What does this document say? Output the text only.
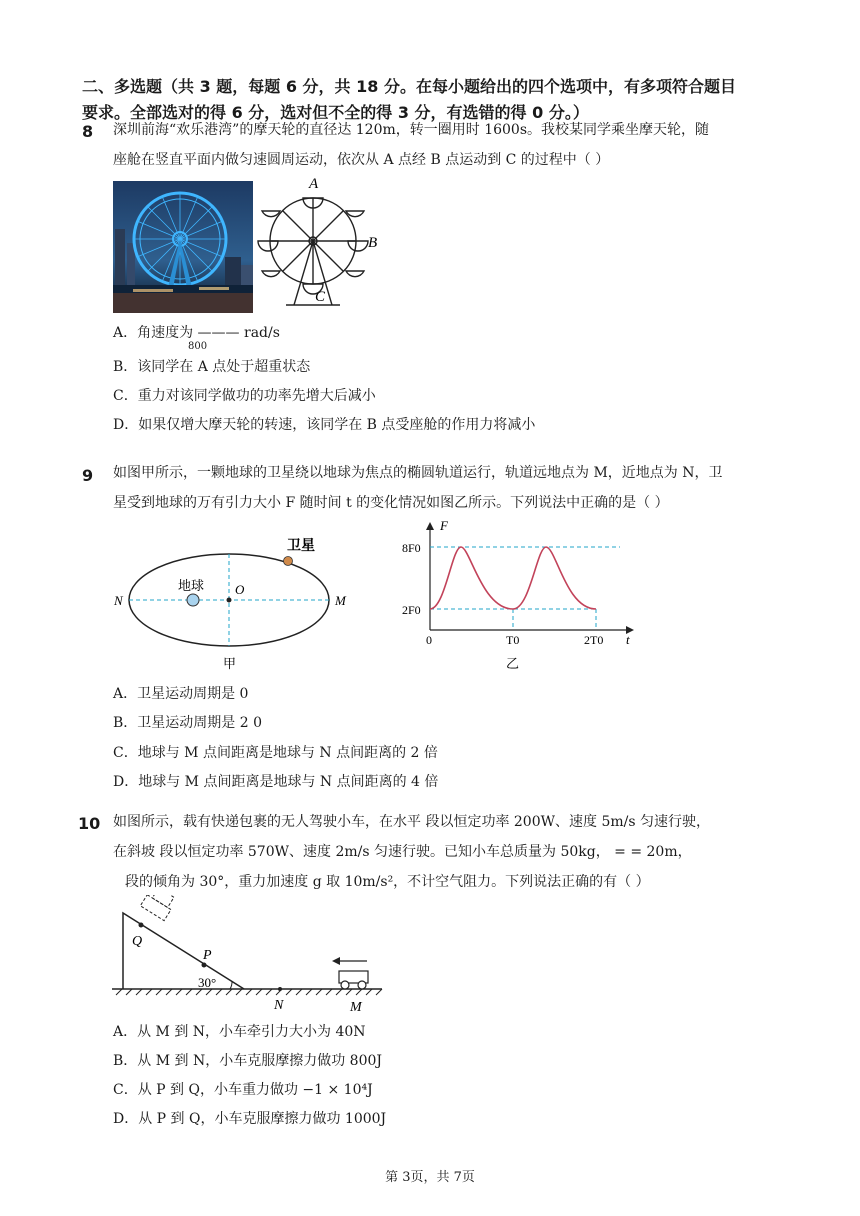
二、多选题（共 3 题，每题 6 分，共 18 分。在每小题给出的四个选项中，有多项符合题目
要求。全部选对的得 6 分，选对但不全的得 3 分，有选错的得 0 分。）
8 深圳前海“欢乐港湾”的摩天轮的直径达 120m，转一圈用时 1600s。我校某同学乘坐摩天轮，随
座舱在竖直平面内做匀速圆周运动，依次从 A 点经 B 点运动到 C 的过程中（ ）
A
B
C
A．角速度为 ——— rad/s
800
B．该同学在 A 点处于超重状态
C．重力对该同学做功的功率先增大后减小
D．如果仅增大摩天轮的转速，该同学在 B 点受座舱的作用力将减小
9 如图甲所示，一颗地球的卫星绕以地球为焦点的椭圆轨道运行，轨道远地点为 M，近地点为 N，卫
星受到地球的万有引力大小 F 随时间 t 的变化情况如图乙所示。下列说法中正确的是（ ）
卫星
地球 O
N	M
甲
F
t
8F0
2F0
0	T0	2T0
乙
A．卫星运动周期是 0
B．卫星运动周期是 2 0
C．地球与 M 点间距离是地球与 N 点间距离的 2 倍
D．地球与 M 点间距离是地球与 N 点间距离的 4 倍
10 如图所示，载有快递包裹的无人驾驶小车，在水平 段以恒定功率 200W、速度 5m/s 匀速行驶，
在斜坡 段以恒定功率 570W、速度 2m/s 匀速行驶。已知小车总质量为 50kg， = = 20m，
段的倾角为 30°，重力加速度 g 取 10m/s²，不计空气阻力。下列说法正确的有（ ）
Q
P
30°
N	M
A．从 M 到 N，小车牵引力大小为 40N
B．从 M 到 N，小车克服摩擦力做功 800J
C．从 P 到 Q，小车重力做功 −1 × 10⁴J
D．从 P 到 Q，小车克服摩擦力做功 1000J
第 3页，共 7页
